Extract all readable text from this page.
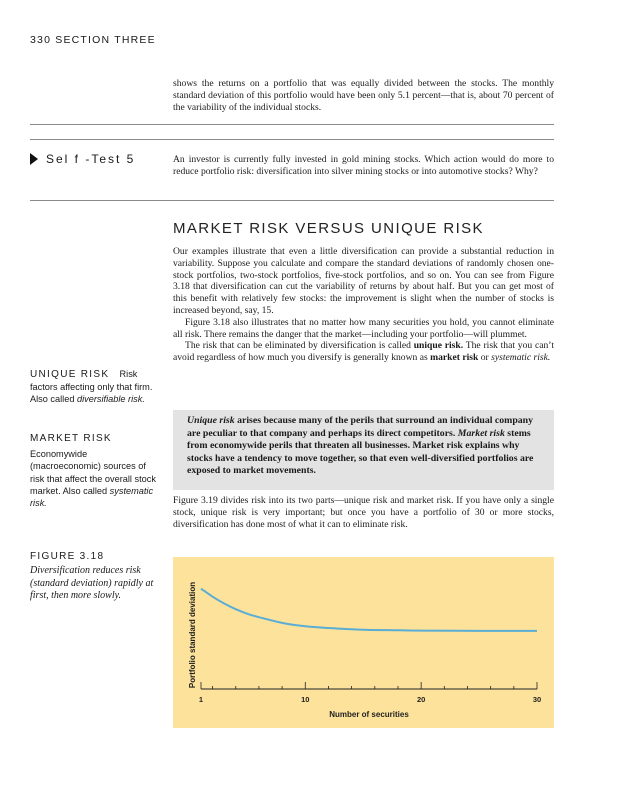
330 SECTION THREE

shows the returns on a portfolio that was equally divided between the stocks. The monthly standard deviation of this portfolio would have been only 5.1 percent—that is, about 70 percent of the variability of the individual stocks.

Sel f -Test 5	An investor is currently fully invested in gold mining stocks. Which action would do more to reduce portfolio risk: diversification into silver mining stocks or into automotive stocks? Why?

MARKET RISK VERSUS UNIQUE RISK

Our examples illustrate that even a little diversification can provide a substantial reduction in variability. Suppose you calculate and compare the standard deviations of randomly chosen one-stock portfolios, two-stock portfolios, five-stock portfolios, and so on. You can see from Figure 3.18 that diversification can cut the variability of returns by about half. But you can get most of this benefit with relatively few stocks: the improvement is slight when the number of stocks is increased beyond, say, 15.

Figure 3.18 also illustrates that no matter how many securities you hold, you cannot eliminate all risk. There remains the danger that the market—including your portfolio—will plummet.

The risk that can be eliminated by diversification is called unique risk. The risk that you can’t avoid regardless of how much you diversify is generally known as market risk or systematic risk.

Unique risk arises because many of the perils that surround an individual company are peculiar to that company and perhaps its direct competitors. Market risk stems from economywide perils that threaten all businesses. Market risk explains why stocks have a tendency to move together, so that even well-diversified portfolios are exposed to market movements.

Figure 3.19 divides risk into its two parts—unique risk and market risk. If you have only a single stock, unique risk is very important; but once you have a portfolio of 30 or more stocks, diversification has done most of what it can to eliminate risk.

UNIQUE RISK Risk factors affecting only that firm. Also called diversifiable risk.
MARKET RISK
Economywide (macroeconomic) sources of risk that affect the overall stock market. Also called systematic risk.
FIGURE 3.18
Diversification reduces risk (standard deviation) rapidly at first, then more slowly.	Portfolio standard deviation
1	10	20	30
Number of securities
